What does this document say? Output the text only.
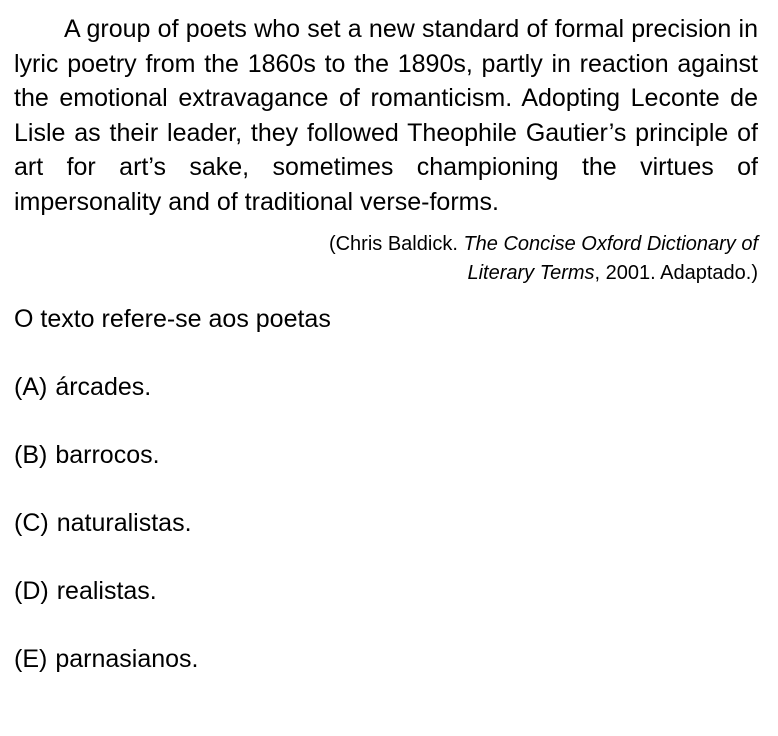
A group of poets who set a new standard of formal precision in lyric poetry from the 1860s to the 1890s, partly in reaction against the emotional extravagance of romanticism. Adopting Leconte de Lisle as their leader, they followed Theophile Gautier’s principle of art for art’s sake, sometimes championing the virtues of impersonality and of traditional verse-forms.

(Chris Baldick. The Concise Oxford Dictionary of
Literary Terms, 2001. Adaptado.)

O texto refere-se aos poetas

(A) árcades.
(B) barrocos.
(C) naturalistas.
(D) realistas.
(E) parnasianos.
